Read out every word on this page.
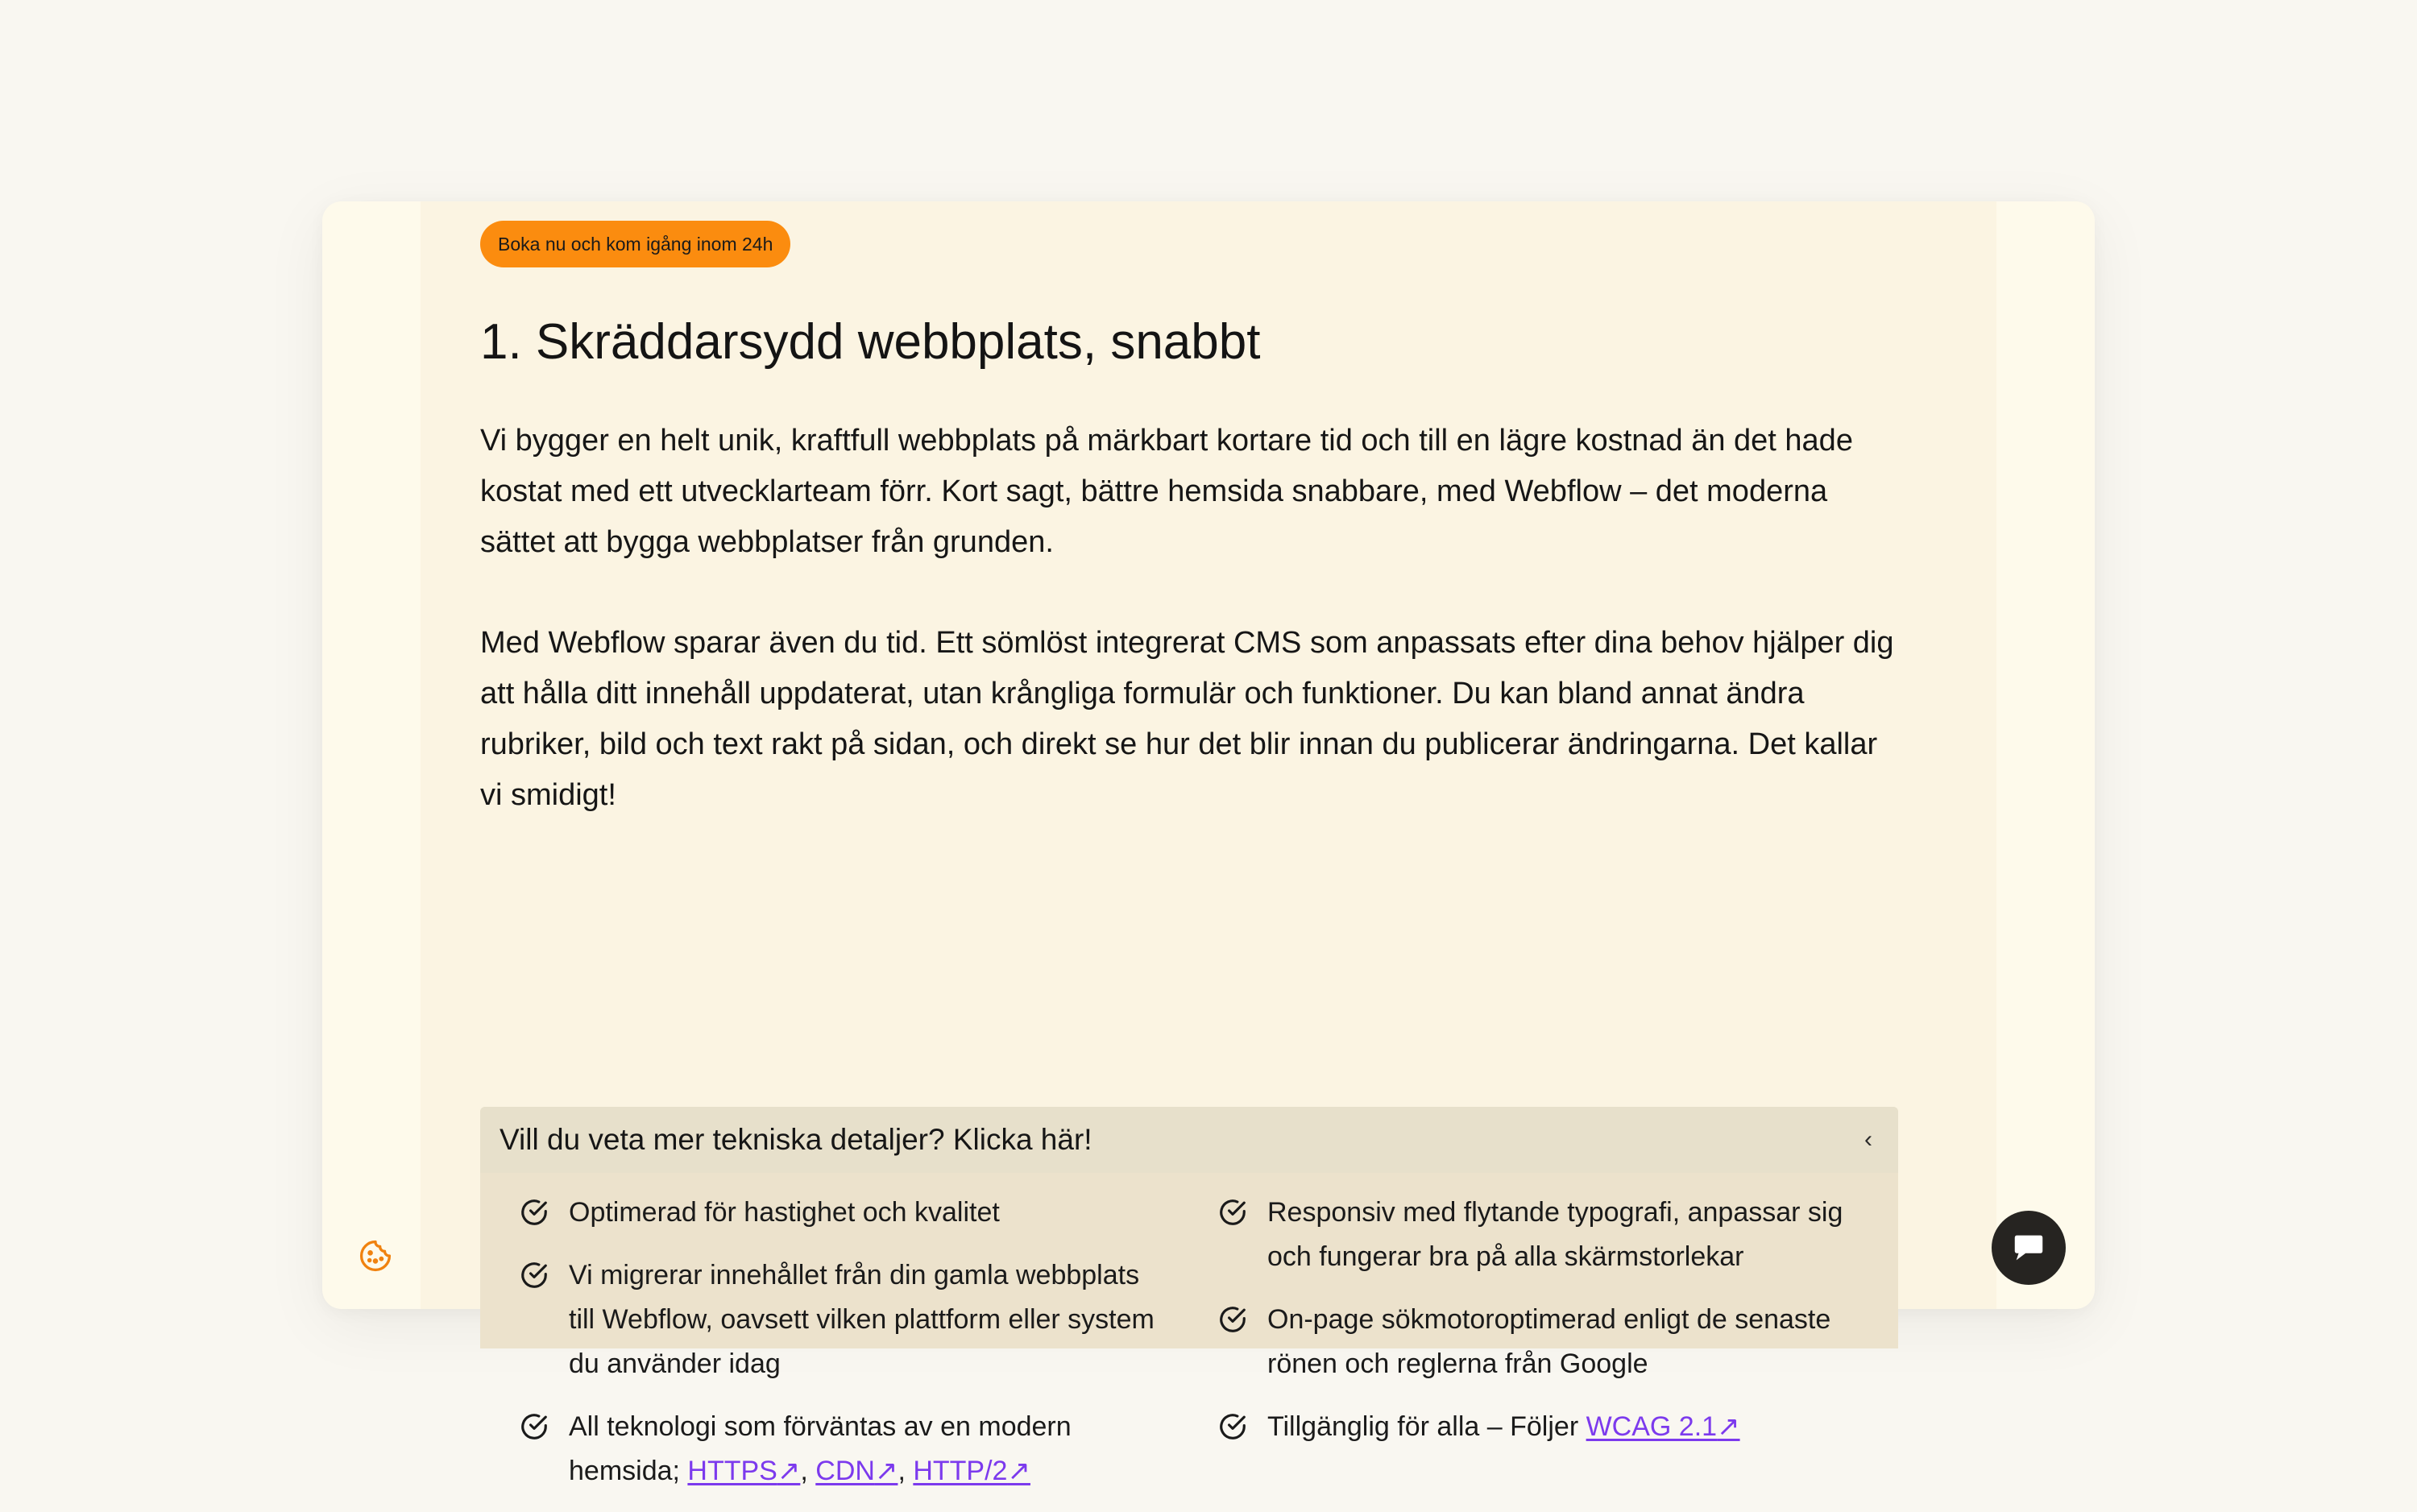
Boka nu och kom igång inom 24h
1. Skräddarsydd webbplats, snabbt

Vi bygger en helt unik, kraftfull webbplats på märkbart kortare tid och till en lägre kostnad än det hade kostat med ett utvecklarteam förr. Kort sagt, bättre hemsida snabbare, med Webflow – det moderna sättet att bygga webbplatser från grunden.

Med Webflow sparar även du tid. Ett sömlöst integrerat CMS som anpassats efter dina behov hjälper dig att hålla ditt innehåll uppdaterat, utan krångliga formulär och funktioner. Du kan bland annat ändra rubriker, bild och text rakt på sidan, och direkt se hur det blir innan du publicerar ändringarna. Det kallar vi smidigt!

Vill du veta mer tekniska detaljer? Klicka här!	‹
Optimerad för hastighet och kvalitet
Vi migrerar innehållet från din gamla webbplats till Webflow, oavsett vilken plattform eller system du använder idag
All teknologi som förväntas av en modern hemsida; HTTPS↗, CDN↗, HTTP/2↗
Responsiv med flytande typografi, anpassar sig och fungerar bra på alla skärmstorlekar
On-page sökmotoroptimerad enligt de senaste rönen och reglerna från Google
Tillgänglig för alla – Följer WCAG 2.1↗
